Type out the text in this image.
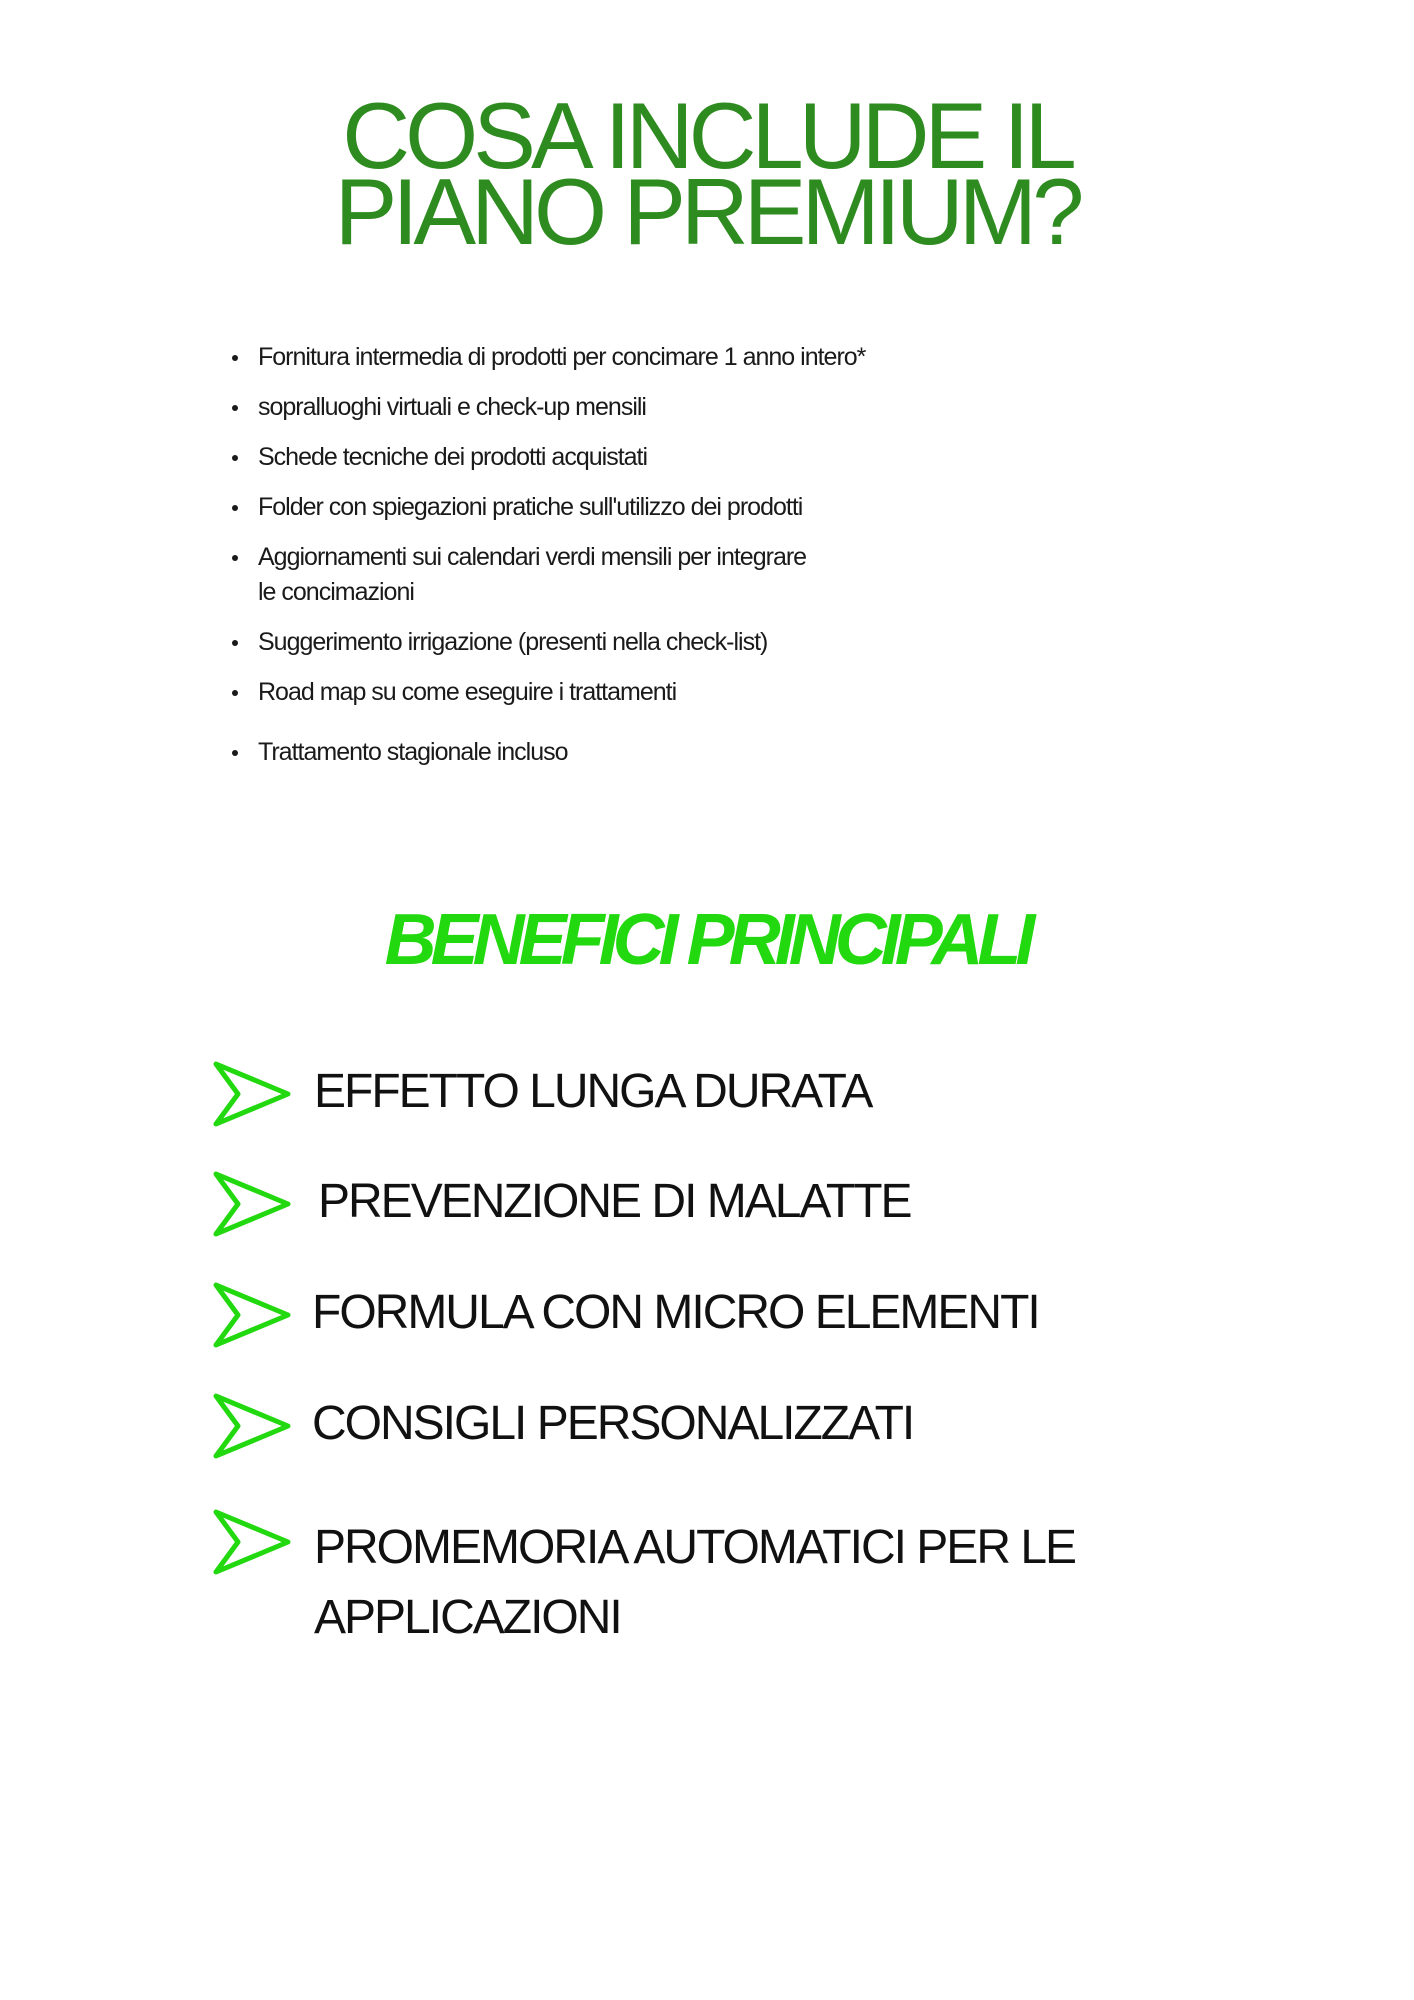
COSA INCLUDE IL
PIANO PREMIUM?
Fornitura intermedia di prodotti per concimare 1 anno intero*
sopralluoghi virtuali e check-up mensili
Schede tecniche dei prodotti acquistati
Folder con spiegazioni pratiche sull'utilizzo dei prodotti
Aggiornamenti sui calendari verdi mensili per integrare
le concimazioni
Suggerimento irrigazione (presenti nella check-list)
Road map su come eseguire i trattamenti
Trattamento stagionale incluso
BENEFICI PRINCIPALI
EFFETTO LUNGA DURATA
PREVENZIONE DI MALATTE
FORMULA CON MICRO ELEMENTI
CONSIGLI PERSONALIZZATI
PROMEMORIA AUTOMATICI PER LE
APPLICAZIONI
